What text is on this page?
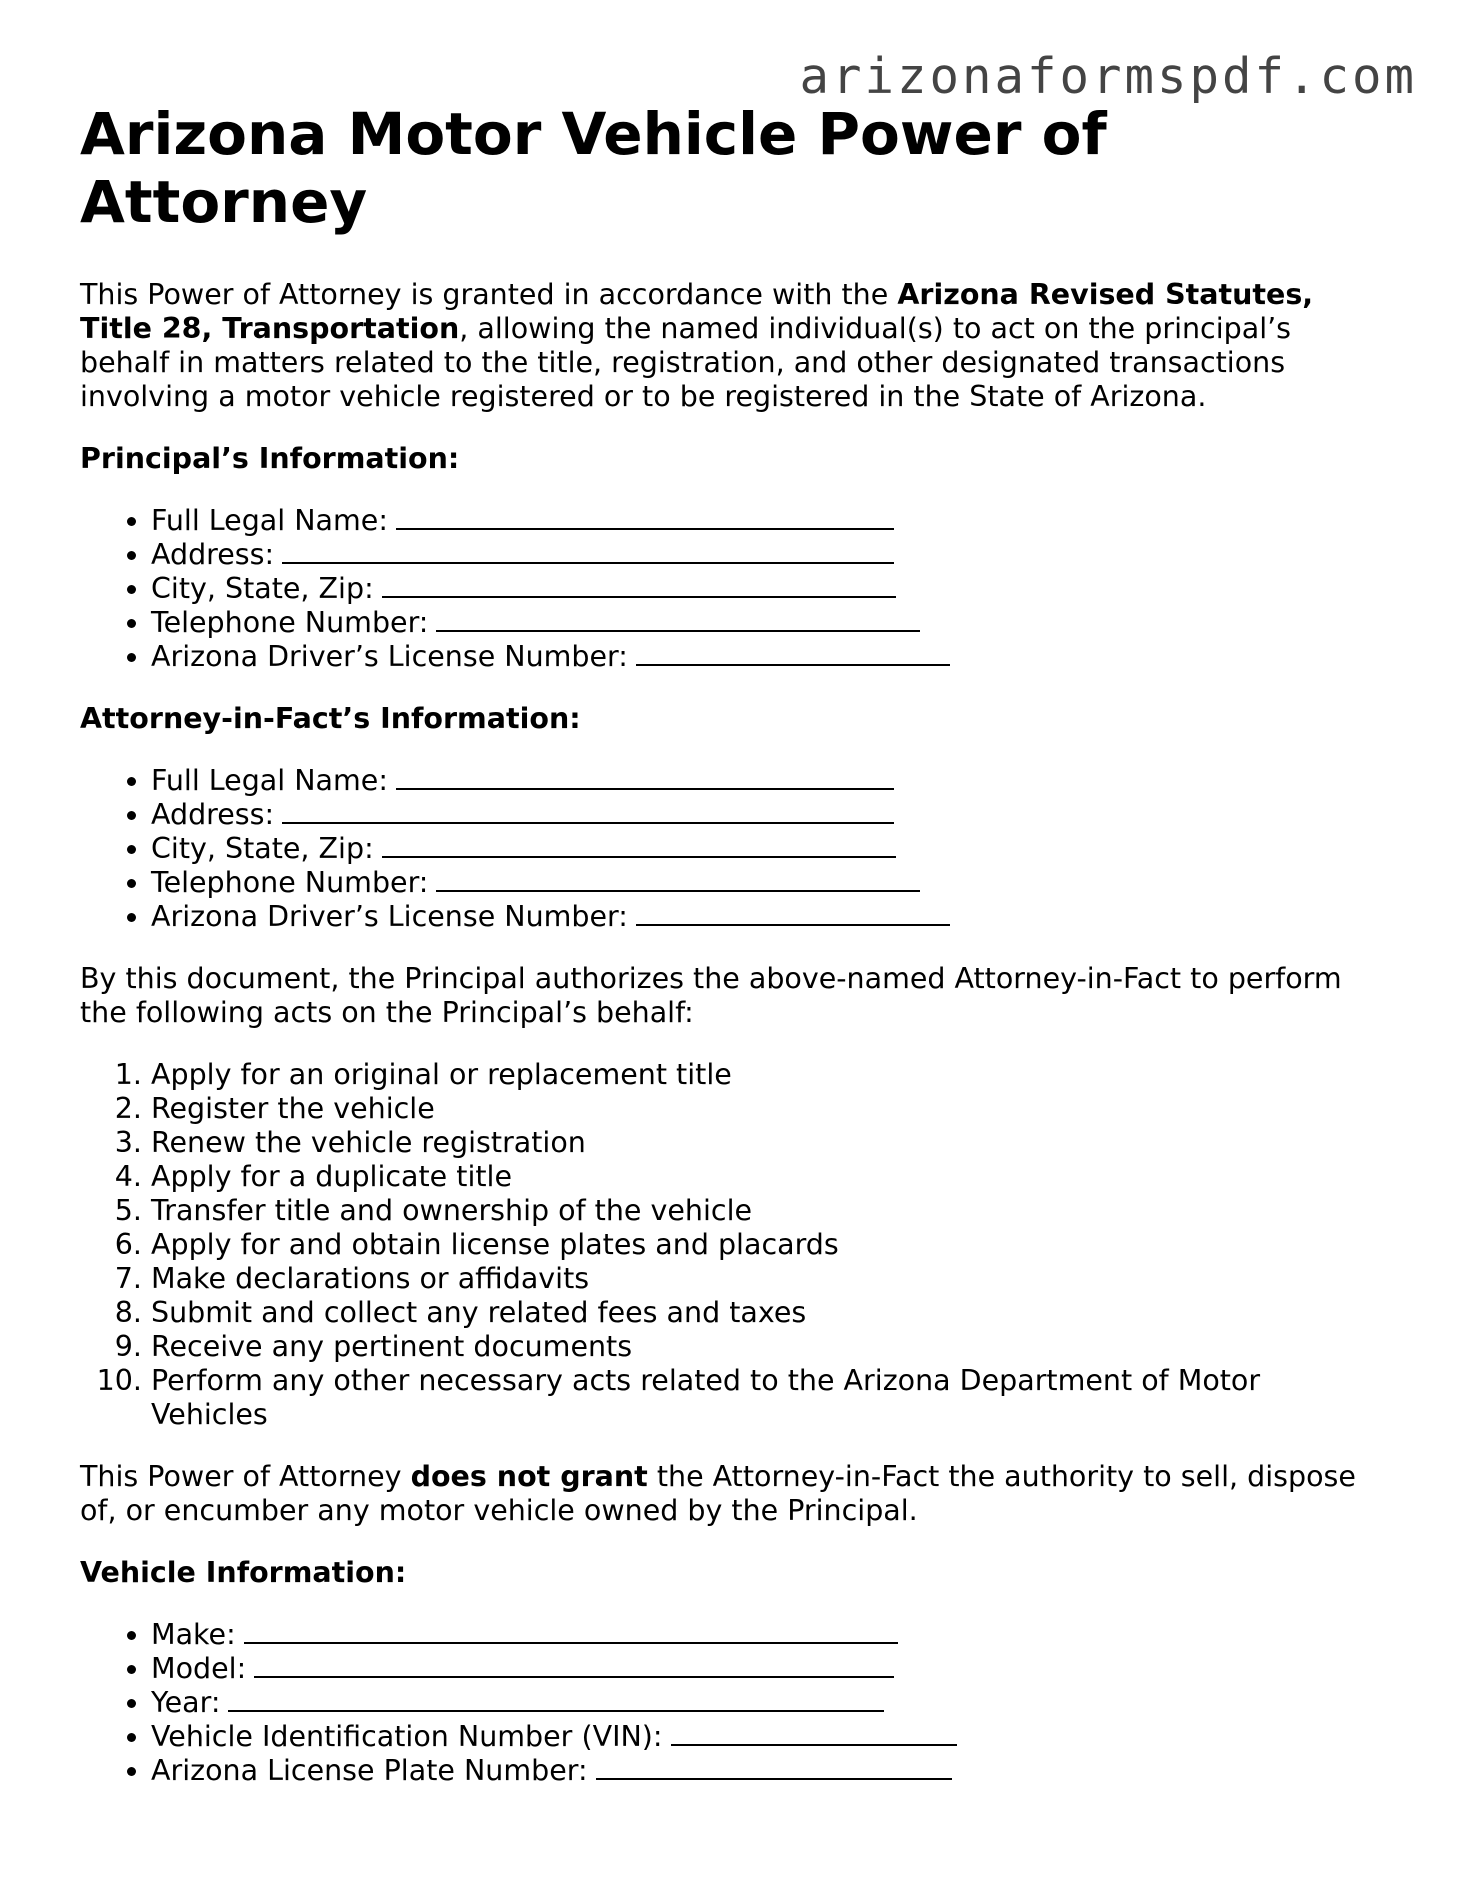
arizonaformspdf.com
Arizona Motor Vehicle Power of Attorney

This Power of Attorney is granted in accordance with the Arizona Revised Statutes, Title 28, Transportation, allowing the named individual(s) to act on the principal’s behalf in matters related to the title, registration, and other designated transactions involving a motor vehicle registered or to be registered in the State of Arizona.

Principal’s Information:

• Full Legal Name:
• Address:
• City, State, Zip:
• Telephone Number:
• Arizona Driver’s License Number:

Attorney-in-Fact’s Information:

• Full Legal Name:
• Address:
• City, State, Zip:
• Telephone Number:
• Arizona Driver’s License Number:

By this document, the Principal authorizes the above-named Attorney-in-Fact to perform the following acts on the Principal’s behalf:

1. Apply for an original or replacement title
2. Register the vehicle
3. Renew the vehicle registration
4. Apply for a duplicate title
5. Transfer title and ownership of the vehicle
6. Apply for and obtain license plates and placards
7. Make declarations or affidavits
8. Submit and collect any related fees and taxes
9. Receive any pertinent documents
10. Perform any other necessary acts related to the Arizona Department of Motor Vehicles

This Power of Attorney does not grant the Attorney-in-Fact the authority to sell, dispose of, or encumber any motor vehicle owned by the Principal.

Vehicle Information:

• Make:
• Model:
• Year:
• Vehicle Identification Number (VIN):
• Arizona License Plate Number:
